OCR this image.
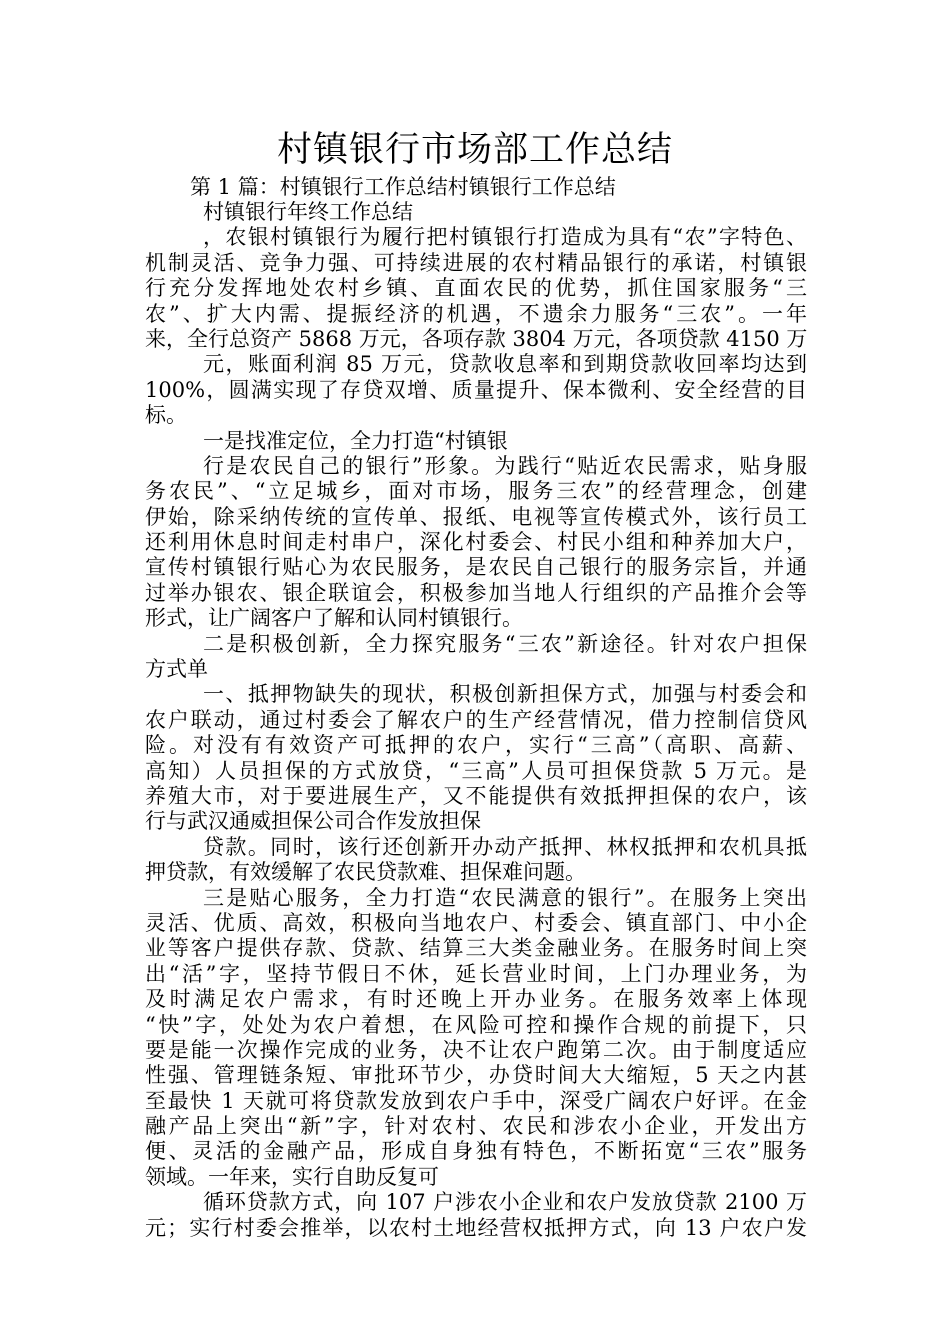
村镇银行市场部工作总结
第 1 篇：村镇银行工作总结村镇银行工作总结
村镇银行年终工作总结
，农银村镇银行为履行把村镇银行打造成为具有“农”字特色、
机制灵活、竞争力强、可持续进展的农村精品银行的承诺，村镇银
行充分发挥地处农村乡镇、直面农民的优势，抓住国家服务“三
农”、扩大内需、提振经济的机遇，不遗余力服务“三农”。一年
来，全行总资产 5868 万元，各项存款 3804 万元，各项贷款 4150 万
元，账面利润 85 万元，贷款收息率和到期贷款收回率均达到
100%，圆满实现了存贷双增、质量提升、保本微利、安全经营的目
标。
一是找准定位，全力打造“村镇银
行是农民自己的银行”形象。为践行“贴近农民需求，贴身服
务农民”、“立足城乡，面对市场，服务三农”的经营理念，创建
伊始，除采纳传统的宣传单、报纸、电视等宣传模式外，该行员工
还利用休息时间走村串户，深化村委会、村民小组和种养加大户，
宣传村镇银行贴心为农民服务，是农民自己银行的服务宗旨，并通
过举办银农、银企联谊会，积极参加当地人行组织的产品推介会等
形式，让广阔客户了解和认同村镇银行。
二是积极创新，全力探究服务“三农”新途径。针对农户担保
方式单
一、抵押物缺失的现状，积极创新担保方式，加强与村委会和
农户联动，通过村委会了解农户的生产经营情况，借力控制信贷风
险。对没有有效资产可抵押的农户，实行“三高”（高职、高薪、
高知）人员担保的方式放贷，“三高”人员可担保贷款 5 万元。是
养殖大市，对于要进展生产，又不能提供有效抵押担保的农户，该
行与武汉通威担保公司合作发放担保
贷款。同时，该行还创新开办动产抵押、林权抵押和农机具抵
押贷款，有效缓解了农民贷款难、担保难问题。
三是贴心服务，全力打造“农民满意的银行”。在服务上突出
灵活、优质、高效，积极向当地农户、村委会、镇直部门、中小企
业等客户提供存款、贷款、结算三大类金融业务。在服务时间上突
出“活”字，坚持节假日不休，延长营业时间，上门办理业务，为
及时满足农户需求，有时还晚上开办业务。在服务效率上体现
“快”字，处处为农户着想，在风险可控和操作合规的前提下，只
要是能一次操作完成的业务，决不让农户跑第二次。由于制度适应
性强、管理链条短、审批环节少，办贷时间大大缩短，5 天之内甚
至最快 1 天就可将贷款发放到农户手中，深受广阔农户好评。在金
融产品上突出“新”字，针对农村、农民和涉农小企业，开发出方
便、灵活的金融产品，形成自身独有特色，不断拓宽“三农”服务
领域。一年来，实行自助反复可
循环贷款方式，向 107 户涉农小企业和农户发放贷款 2100 万
元；实行村委会推举，以农村土地经营权抵押方式，向 13 户农户发
